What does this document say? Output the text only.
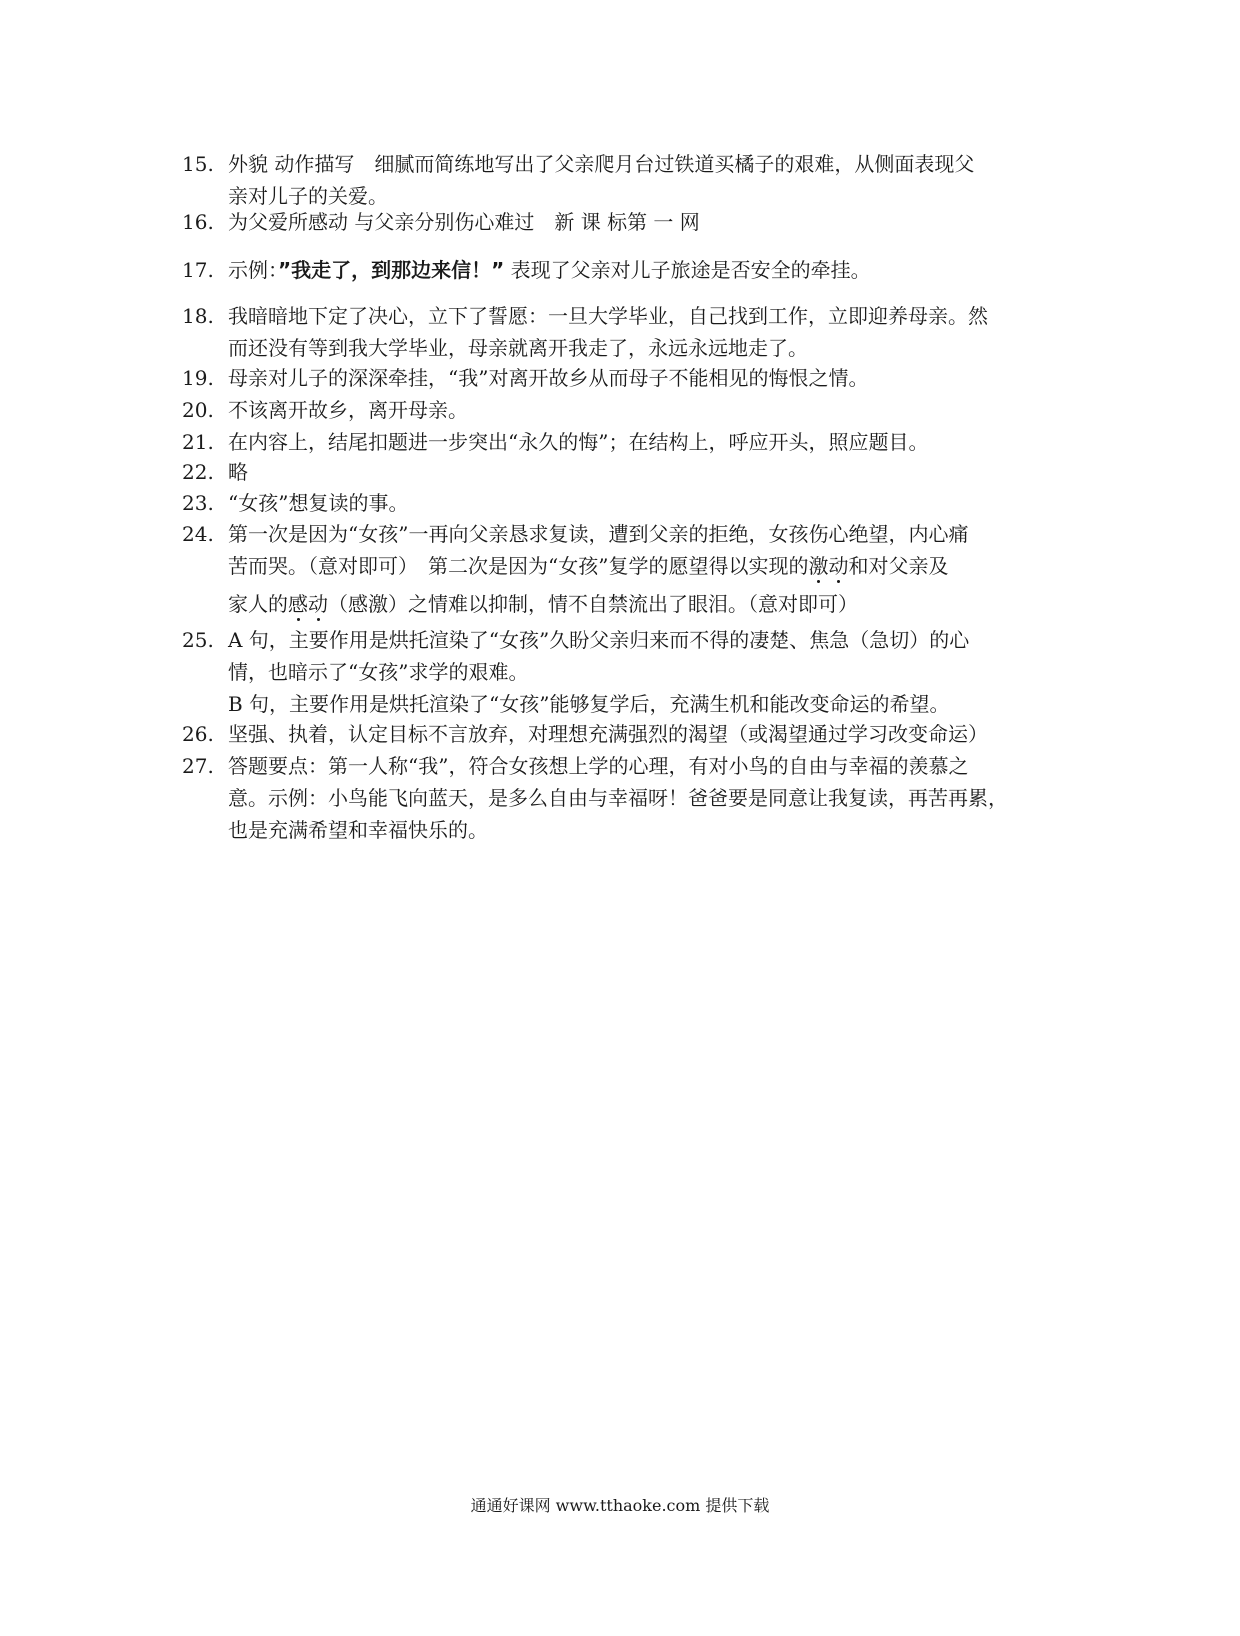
15. 外貌 动作描写　细腻而简练地写出了父亲爬月台过铁道买橘子的艰难，从侧面表现父
亲对儿子的关爱。
16. 为父爱所感动 与父亲分别伤心难过　新 课 标第 一 网
17. 示例：”我走了，到那边来信！” 表现了父亲对儿子旅途是否安全的牵挂。
18. 我暗暗地下定了决心，立下了誓愿：一旦大学毕业，自己找到工作，立即迎养母亲。然
而还没有等到我大学毕业，母亲就离开我走了，永远永远地走了。
19. 母亲对儿子的深深牵挂，“我”对离开故乡从而母子不能相见的悔恨之情。
20. 不该离开故乡，离开母亲。
21. 在内容上，结尾扣题进一步突出“永久的悔”；在结构上，呼应开头，照应题目。
22. 略
23. “女孩”想复读的事。
24. 第一次是因为“女孩”一再向父亲恳求复读，遭到父亲的拒绝，女孩伤心绝望，内心痛
苦而哭。（意对即可）　第二次是因为“女孩”复学的愿望得以实现的激动和对父亲及
家人的感动（感激）之情难以抑制，情不自禁流出了眼泪。（意对即可）
25. A 句，主要作用是烘托渲染了“女孩”久盼父亲归来而不得的凄楚、焦急（急切）的心
情，也暗示了“女孩”求学的艰难。
B 句，主要作用是烘托渲染了“女孩”能够复学后，充满生机和能改变命运的希望。
26. 坚强、执着，认定目标不言放弃，对理想充满强烈的渴望（或渴望通过学习改变命运）
27. 答题要点：第一人称“我”，符合女孩想上学的心理，有对小鸟的自由与幸福的羡慕之
意。示例：小鸟能飞向蓝天，是多么自由与幸福呀！爸爸要是同意让我复读，再苦再累，
也是充满希望和幸福快乐的。
通通好课网 www.tthaoke.com 提供下载
